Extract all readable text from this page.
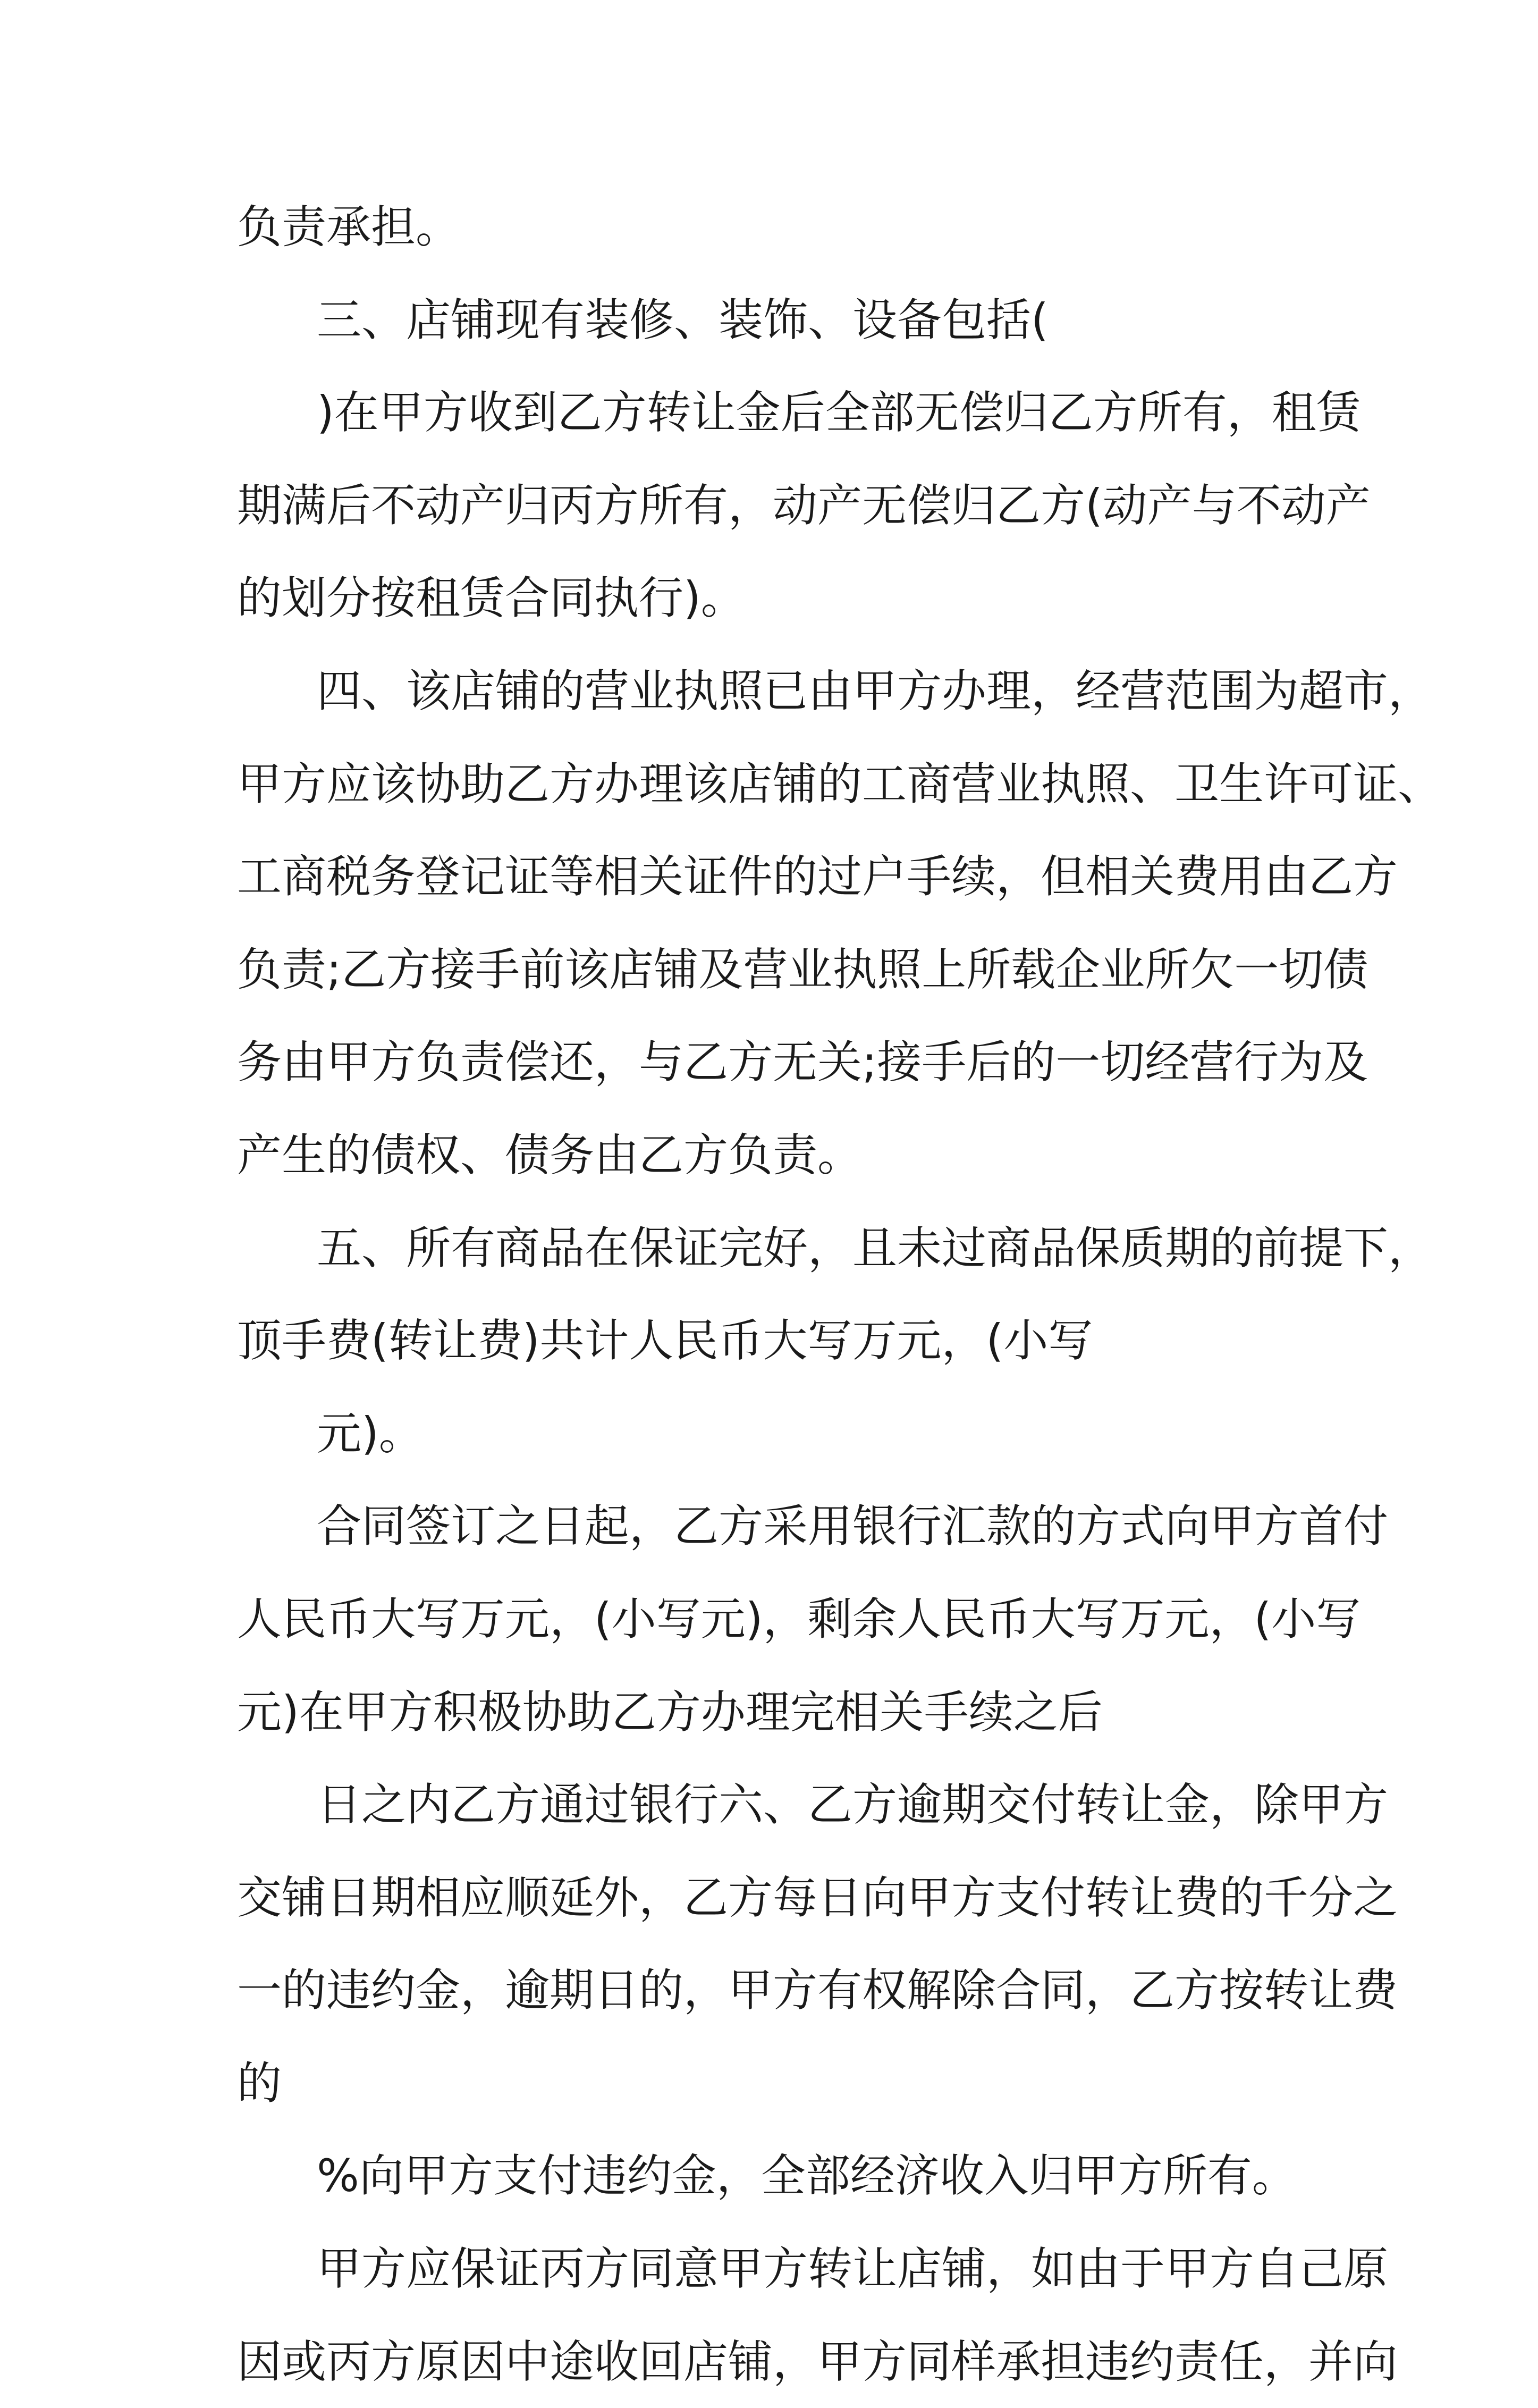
负责承担。
三、店铺现有装修、装饰、设备包括(
)在甲方收到乙方转让金后全部无偿归乙方所有，租赁
期满后不动产归丙方所有，动产无偿归乙方(动产与不动产
的划分按租赁合同执行)。
四、该店铺的营业执照已由甲方办理，经营范围为超市，
甲方应该协助乙方办理该店铺的工商营业执照、卫生许可证、
工商税务登记证等相关证件的过户手续，但相关费用由乙方
负责;乙方接手前该店铺及营业执照上所载企业所欠一切债
务由甲方负责偿还，与乙方无关;接手后的一切经营行为及
产生的债权、债务由乙方负责。
五、所有商品在保证完好，且未过商品保质期的前提下，
顶手费(转让费)共计人民币大写万元，(小写
元)。
合同签订之日起，乙方采用银行汇款的方式向甲方首付
人民币大写万元，(小写元)，剩余人民币大写万元，(小写
元)在甲方积极协助乙方办理完相关手续之后
日之内乙方通过银行六、乙方逾期交付转让金，除甲方
交铺日期相应顺延外，乙方每日向甲方支付转让费的千分之
一的违约金，逾期日的，甲方有权解除合同，乙方按转让费
的
%向甲方支付违约金，全部经济收入归甲方所有。
甲方应保证丙方同意甲方转让店铺，如由于甲方自己原
因或丙方原因中途收回店铺，甲方同样承担违约责任，并向
